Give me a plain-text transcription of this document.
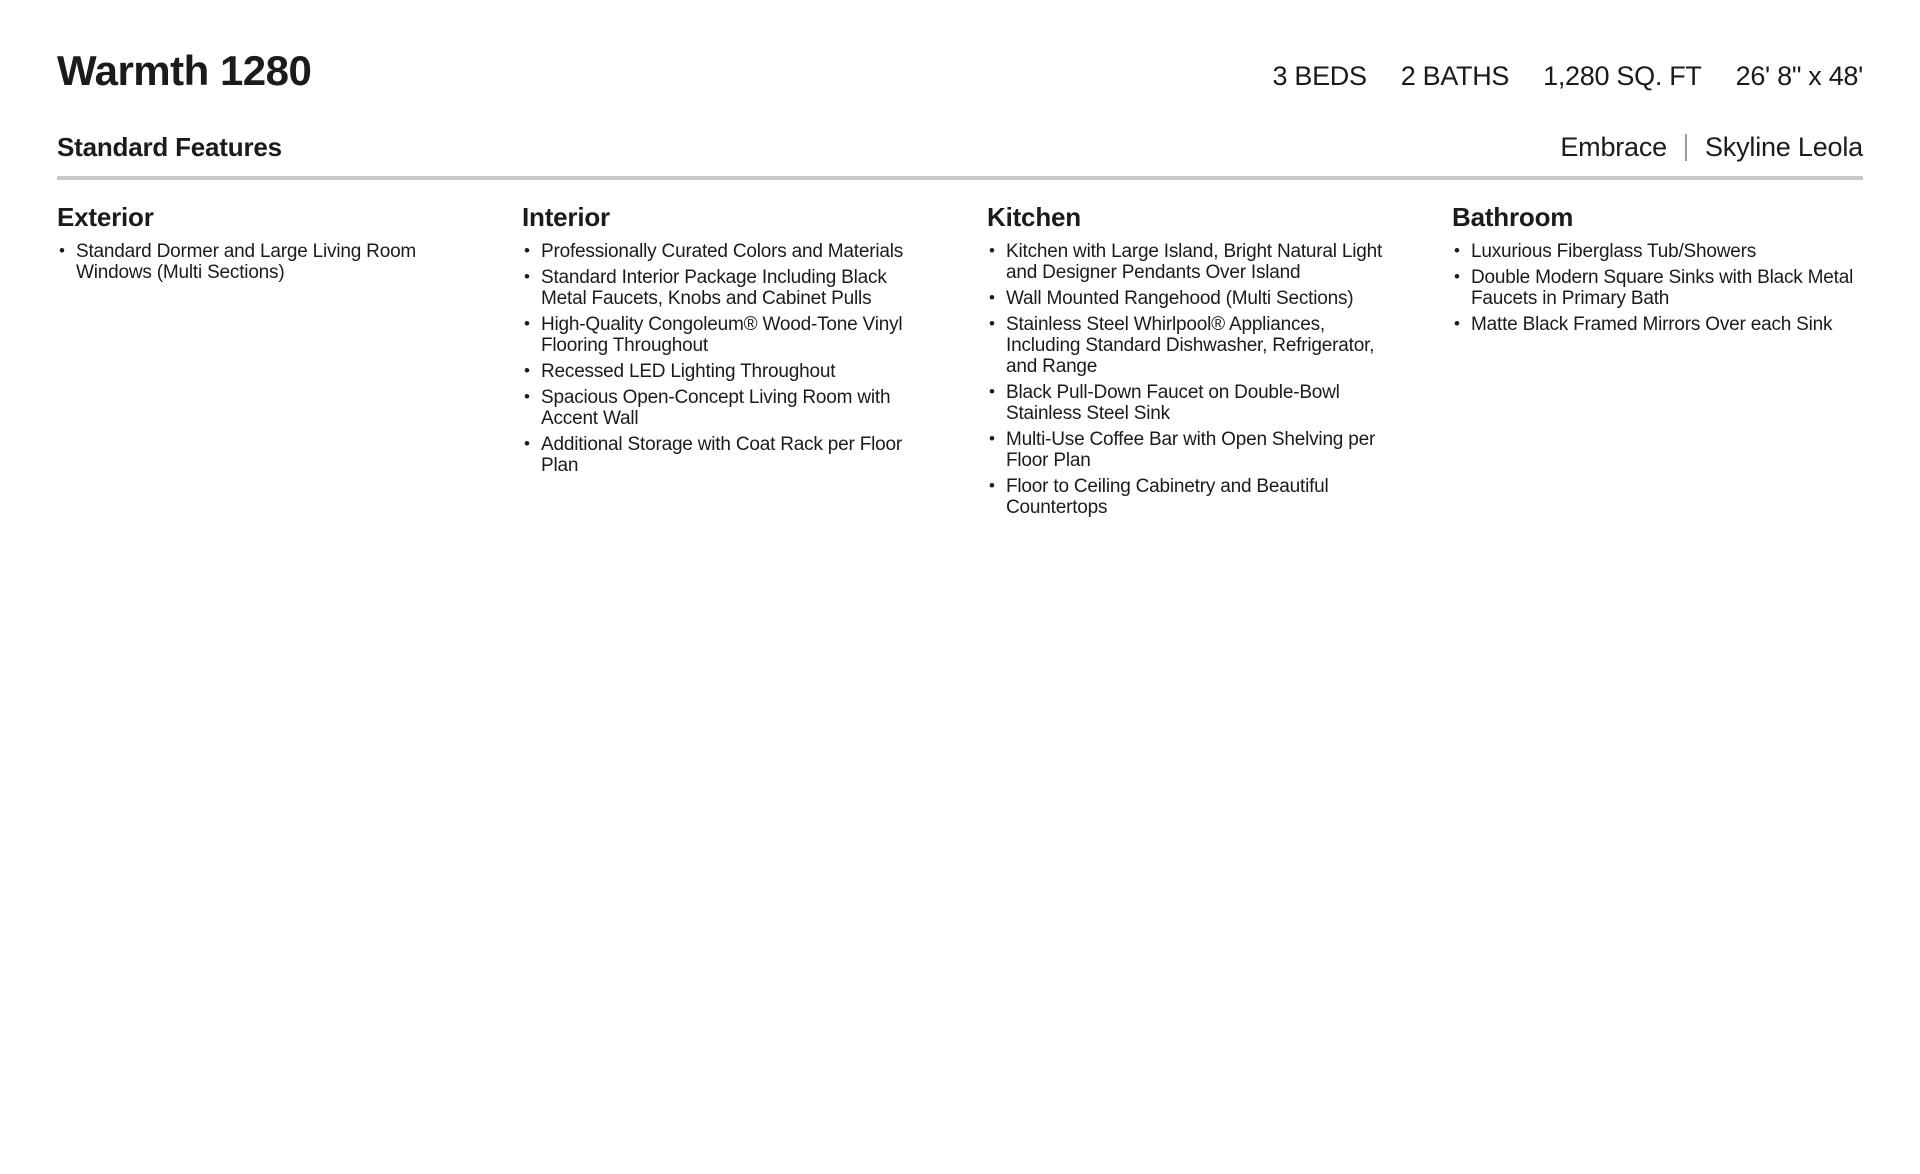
Warmth 1280	3 BEDS 2 BATHS 1,280 SQ. FT 26' 8" x 48'
Standard Features	Embrace Skyline Leola
Exterior
• Standard Dormer and Large Living Room Windows (Multi Sections)
Interior
• Professionally Curated Colors and Materials
• Standard Interior Package Including Black Metal Faucets, Knobs and Cabinet Pulls
• High-Quality Congoleum® Wood-Tone Vinyl Flooring Throughout
• Recessed LED Lighting Throughout
• Spacious Open-Concept Living Room with Accent Wall
• Additional Storage with Coat Rack per Floor Plan
Kitchen
• Kitchen with Large Island, Bright Natural Light and Designer Pendants Over Island
• Wall Mounted Rangehood (Multi Sections)
• Stainless Steel Whirlpool® Appliances, Including Standard Dishwasher, Refrigerator, and Range
• Black Pull-Down Faucet on Double-Bowl Stainless Steel Sink
• Multi-Use Coffee Bar with Open Shelving per Floor Plan
• Floor to Ceiling Cabinetry and Beautiful Countertops
Bathroom
• Luxurious Fiberglass Tub/Showers
• Double Modern Square Sinks with Black Metal Faucets in Primary Bath
• Matte Black Framed Mirrors Over each Sink
